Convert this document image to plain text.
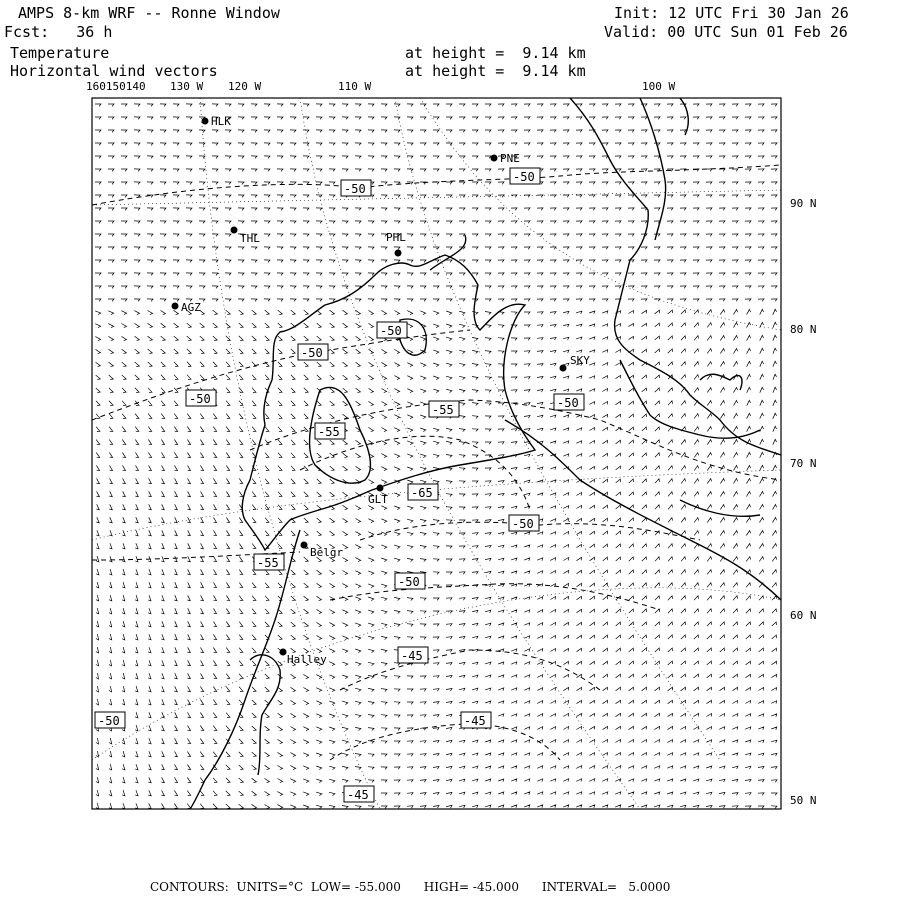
AMPS 8-km WRF -- Ronne Window
Fcst:   36 h
Temperature
Horizontal wind vectors
at height =  9.14 km
at height =  9.14 km
Init: 12 UTC Fri 30 Jan 26
Valid: 00 UTC Sun 01 Feb 26
160150140 130 W 120 W	110 W	100 W
90 N
80 N
70 N
60 N
50 N
HLK
PNE
THL	PHL
AGZ
SKY
GLT
Belgr
Halley
-50
-50
-50
-50
-50
-55
-55
-50
-65
-50
-55
-50
-45
-45
-50
-45
CONTOURS:  UNITS=°C  LOW= -55.000      HIGH= -45.000      INTERVAL=   5.0000
